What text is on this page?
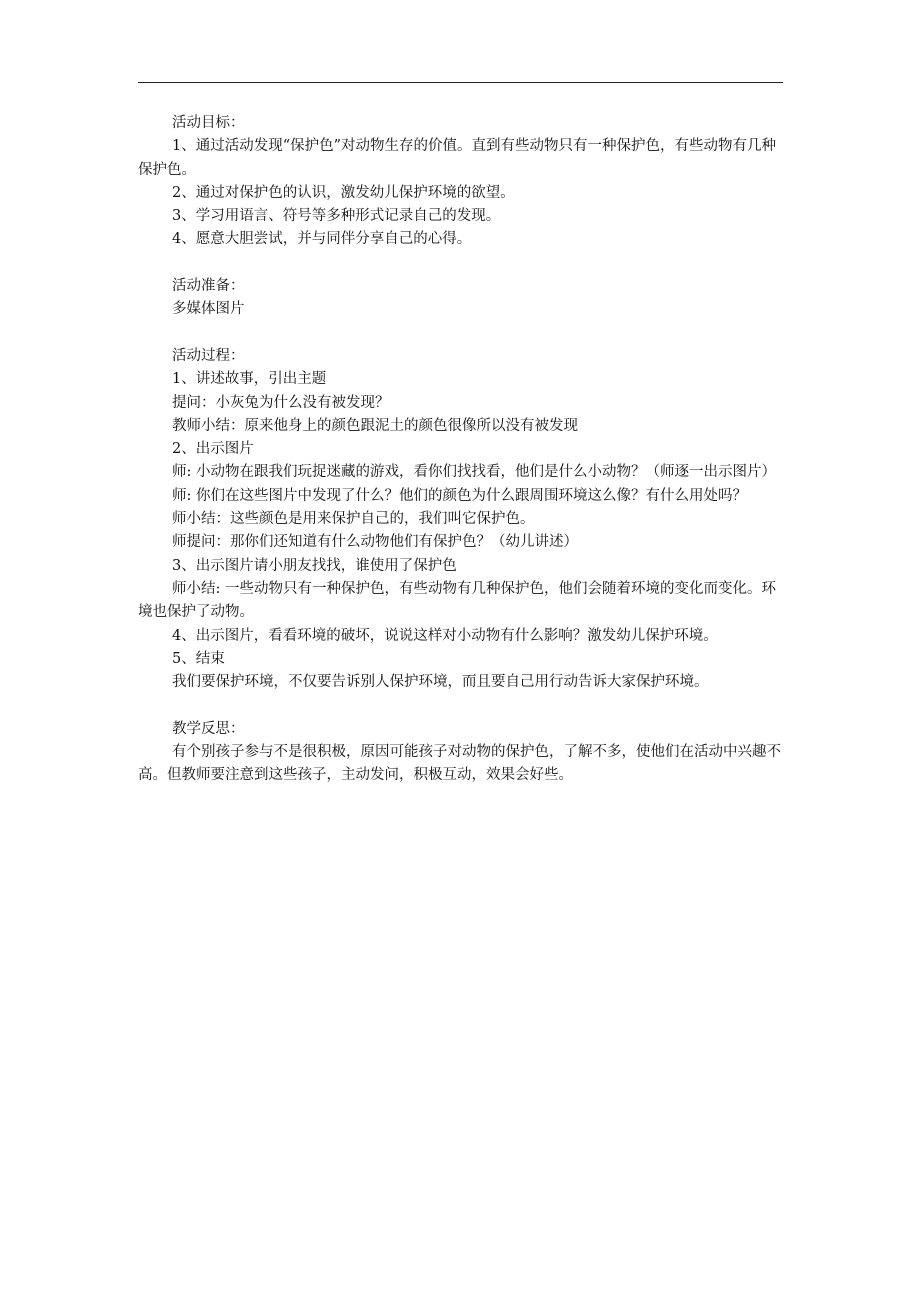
活动目标：

1、通过活动发现“保护色”对动物生存的价值。直到有些动物只有一种保护色，有些动物有几种保护色。

2、通过对保护色的认识，激发幼儿保护环境的欲望。

3、学习用语言、符号等多种形式记录自己的发现。

4、愿意大胆尝试，并与同伴分享自己的心得。

活动准备：

多媒体图片

活动过程：

1、讲述故事，引出主题

提问：小灰兔为什么没有被发现？

教师小结：原来他身上的颜色跟泥土的颜色很像所以没有被发现

2、出示图片

师: 小动物在跟我们玩捉迷藏的游戏，看你们找找看，他们是什么小动物？（师逐一出示图片）

师: 你们在这些图片中发现了什么？他们的颜色为什么跟周围环境这么像？有什么用处吗？

师小结：这些颜色是用来保护自己的，我们叫它保护色。

师提问：那你们还知道有什么动物他们有保护色？（幼儿讲述）

3、出示图片请小朋友找找，谁使用了保护色

师小结: 一些动物只有一种保护色，有些动物有几种保护色，他们会随着环境的变化而变化。环境也保护了动物。

4、出示图片，看看环境的破坏，说说这样对小动物有什么影响？激发幼儿保护环境。

5、结束

我们要保护环境，不仅要告诉别人保护环境，而且要自己用行动告诉大家保护环境。

教学反思：

有个别孩子参与不是很积极，原因可能孩子对动物的保护色，了解不多，使他们在活动中兴趣不高。但教师要注意到这些孩子，主动发问，积极互动，效果会好些。
